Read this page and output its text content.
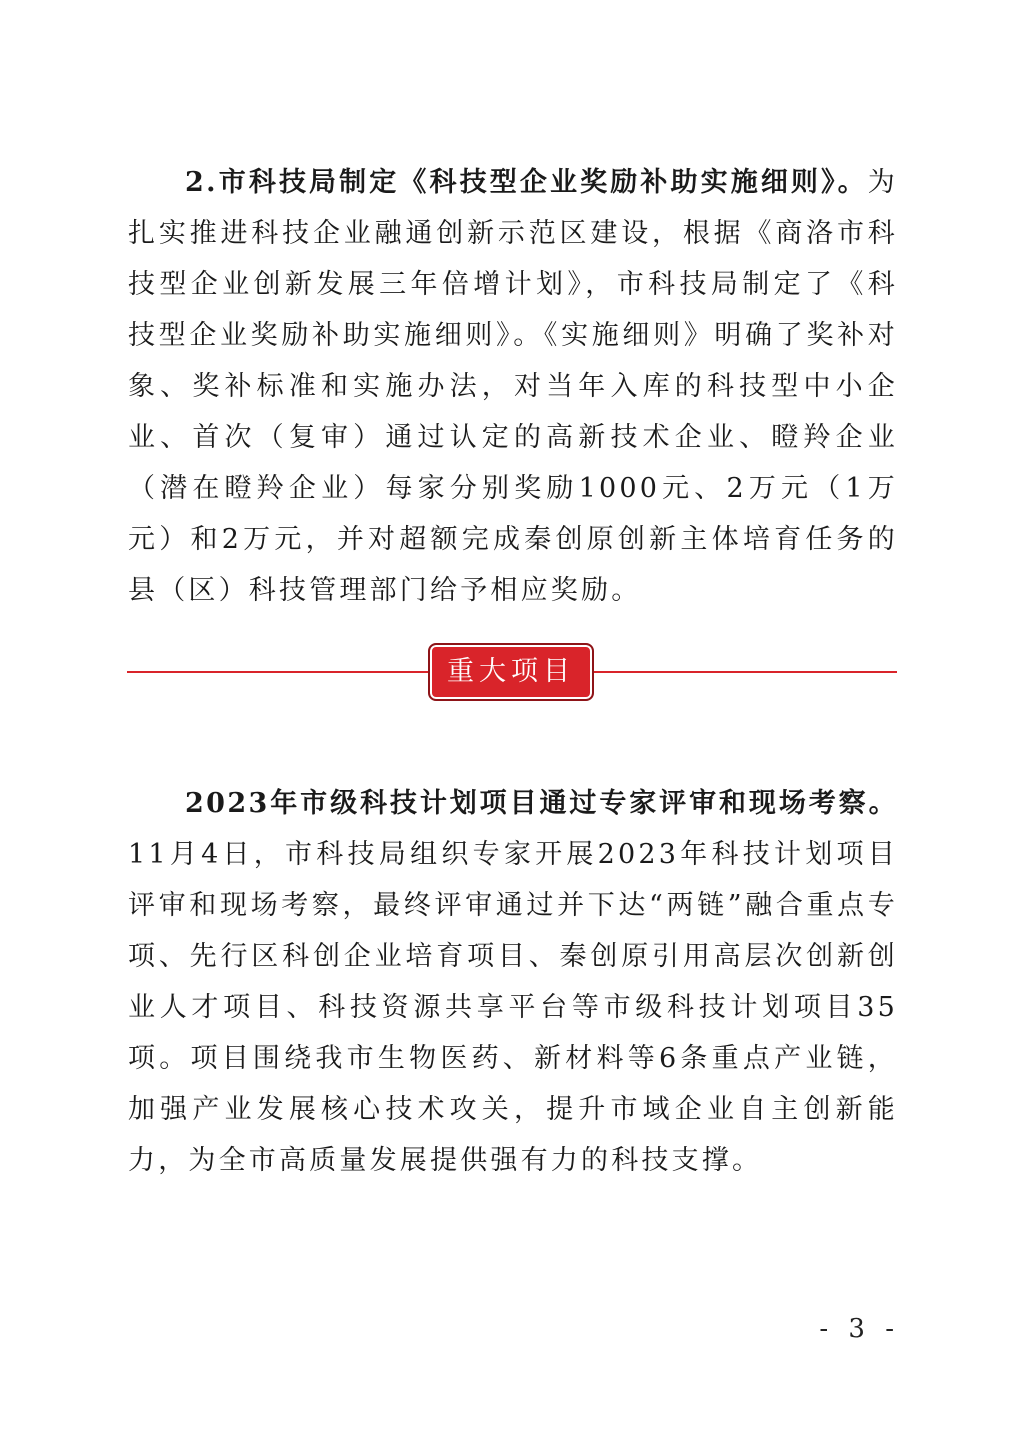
2.市科技局制定《科技型企业奖励补助实施细则》。为扎实推进科技企业融通创新示范区建设，根据《商洛市科技型企业创新发展三年倍增计划》，市科技局制定了《科技型企业奖励补助实施细则》。《实施细则》明确了奖补对象、奖补标准和实施办法，对当年入库的科技型中小企业、首次（复审）通过认定的高新技术企业、瞪羚企业（潜在瞪羚企业）每家分别奖励1000元、2万元（1万元）和2万元，并对超额完成秦创原创新主体培育任务的县（区）科技管理部门给予相应奖励。

重大项目

2023年市级科技计划项目通过专家评审和现场考察。11月4日，市科技局组织专家开展2023年科技计划项目评审和现场考察，最终评审通过并下达“两链”融合重点专项、先行区科创企业培育项目、秦创原引用高层次创新创业人才项目、科技资源共享平台等市级科技计划项目35项。项目围绕我市生物医药、新材料等6条重点产业链，加强产业发展核心技术攻关，提升市域企业自主创新能力，为全市高质量发展提供强有力的科技支撑。

- 3 -
